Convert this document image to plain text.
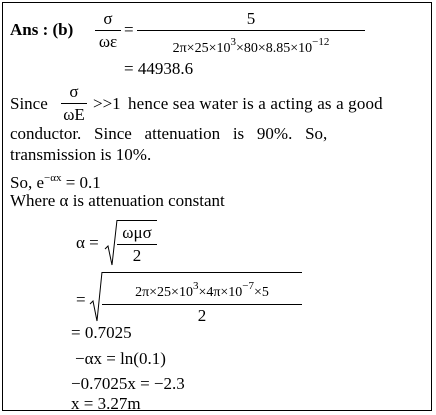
Ans : (b)
σ
ωε
=
5
$2\pi\times 25\times 10^3\times 80\times 8.85\times 10^{-12}$
= 44938.6
Since
σ
ωE
>>1 hence sea water is a acting as a good
conductor.   Since   attenuation   is   90%.   So,
transmission is 10%.
So, $e^{-\alpha x} = 0.1$
Where α is attenuation constant
α =
ωμσ
2
=	$2\pi\times 25\times 10^3\times 4\pi\times 10^{-7}\times 5$
2
= 0.7025
−αx = ln(0.1)
−0.7025x = −2.3
x = 3.27m
